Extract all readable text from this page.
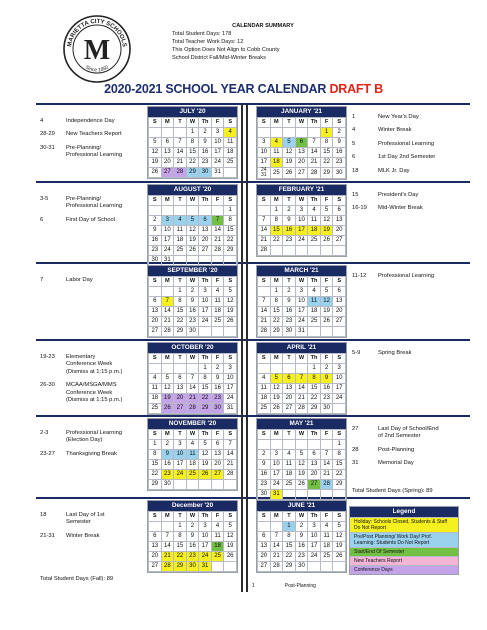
M
MARIETTA CITY SCHOOLS
Since 1892
CALENDAR SUMMARY
Total Student Days: 178
Total Teacher Work Days: 12
This Option Does Not Align to Cobb County
School District Fall/Mid-Winter Breaks
2020-2021 SCHOOL YEAR CALENDAR DRAFT B
JULY '20
S	M	T	W	Th	F	S
			1	2	3	4
5	6	7	8	9	10	11
12	13	14	15	16	17	18
19	20	21	22	23	24	25
26	27	28	29	30	31	
AUGUST '20
S	M	T	W	Th	F	S
						1
2	3	4	5	6	7	8
9	10	11	12	13	14	15
16	17	18	19	20	21	22
23	24	25	26	27	28	29
30	31					
SEPTEMBER '20
S	M	T	W	Th	F	S
		1	2	3	4	5
6	7	8	9	10	11	12
13	14	15	16	17	18	19
20	21	22	23	24	25	26
27	28	29	30			
OCTOBER '20
S	M	T	W	Th	F	S
				1	2	3
4	5	6	7	8	9	10
11	12	13	14	15	16	17
18	19	20	21	22	23	24
25	26	27	28	29	30	31
NOVEMBER '20
S	M	T	W	Th	F	S
1	2	3	4	5	6	7
8	9	10	11	12	13	14
15	16	17	18	19	20	21
22	23	24	25	26	27	28
29	30					
December '20
S	M	T	W	Th	F	S
		1	2	3	4	5
6	7	8	9	10	11	12
13	14	15	16	17	18	19
20	21	22	23	24	25	26
27	28	29	30	31		
JANUARY '21
S	M	T	W	Th	F	S
					1	2
3	4	5	6	7	8	9
10	11	12	13	14	15	16
17	18	19	20	21	22	23
24
31	25	26	27	28	29	30
FEBRUARY '21
S	M	T	W	Th	F	S
	1	2	3	4	5	6
7	8	9	10	11	12	13
14	15	16	17	18	19	20
21	22	23	24	25	26	27
28						
MARCH '21
S	M	T	W	Th	F	S
	1	2	3	4	5	6
7	8	9	10	11	12	13
14	15	16	17	18	19	20
21	22	23	24	25	26	27
28	29	30	31			
APRIL '21
S	M	T	W	Th	F	S
				1	2	3
4	5	6	7	8	9	10
11	12	13	14	15	16	17
18	19	20	21	22	23	24
25	26	27	28	29	30	
MAY '21
S	M	T	W	Th	F	S
						1
2	3	4	5	6	7	8
9	10	11	12	13	14	15
16	17	18	19	20	21	22
23	24	25	26	27	28	29
30	31					
JUNE '21
S	M	T	W	Th	F	S
		1	2	3	4	5
6	7	8	9	10	11	12
13	14	15	16	17	18	19
20	21	22	23	24	25	26
27	28	29	30			
4	Independence Day
28-29	New Teachers Report
30-31	Pre-Planning/
Professional Learning
3-5	Pre-Planning/
Professional Learning
6	First Day of School
7	Labor Day
19-23	Elementary
Conference Week
(Dismiss at 1:15 p.m.)
26-30	MCAA/MSGA/MMS
Conference Week
(Dismiss at 1:15 p.m.)
2-3	Professional Learning
(Election Day)
23-27	Thanksgiving Break
18	Last Day of 1st
Semester
21-31	Winter Break
1	New Year's Day
4	Winter Break
5	Professional Learning
6	1st Day 2nd Semester
18	MLK Jr. Day
15	President's Day
16-19	Mid-Winter Break
11-12	Professional Learning
5-9	Spring Break
27	Last Day of School/End
of 2nd Semester
28	Post-Planning
31	Memorial Day
Total Student Days (Fall): 89
Total Student Days (Spring): 89
1	Post-Planning
Legend
Holiday: Schools Closed, Students & Staff Do Not Report
Pre/Post Planning/ Work Day/ Prof. Learning: Students Do Not Report
Start/End Of Semester
New Teachers Report
Conference Days
